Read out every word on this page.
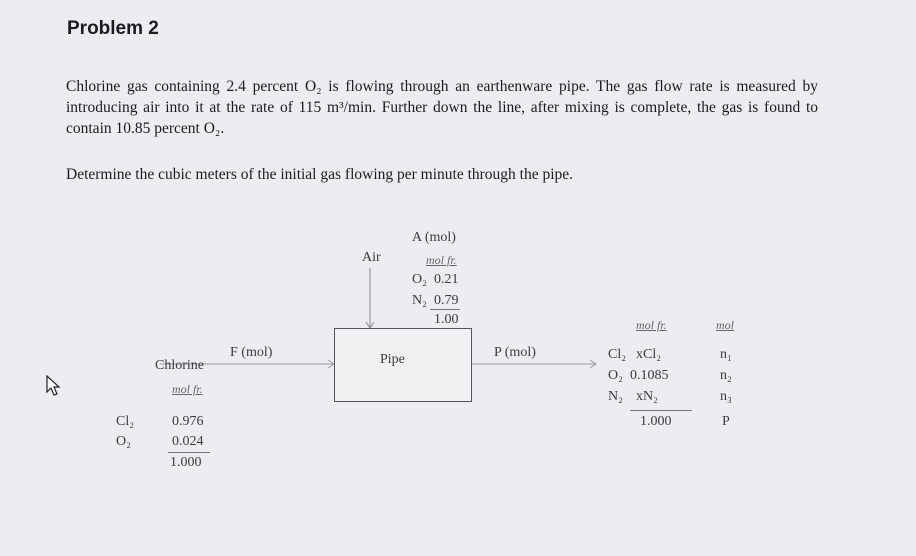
Problem 2
Chlorine gas containing 2.4 percent O₂ is flowing through an earthenware pipe. The gas flow rate is measured by introducing air into it at the rate of 115 m³/min. Further down the line, after mixing is complete, the gas is found to contain 10.85 percent O₂.
Determine the cubic meters of the initial gas flowing per minute through the pipe.
Pipe
A (mol)
Air	mol fr.
O₂ 0.21
N₂ 0.79
1.00
F (mol)
Chlorine
mol fr.
Cl₂	0.976
O₂	0.024
1.000
P (mol)
mol fr.	mol
Cl₂ xCl₂	n₁
O₂ 0.1085	n₂
N₂ xN₂	n₃
1.000	P
